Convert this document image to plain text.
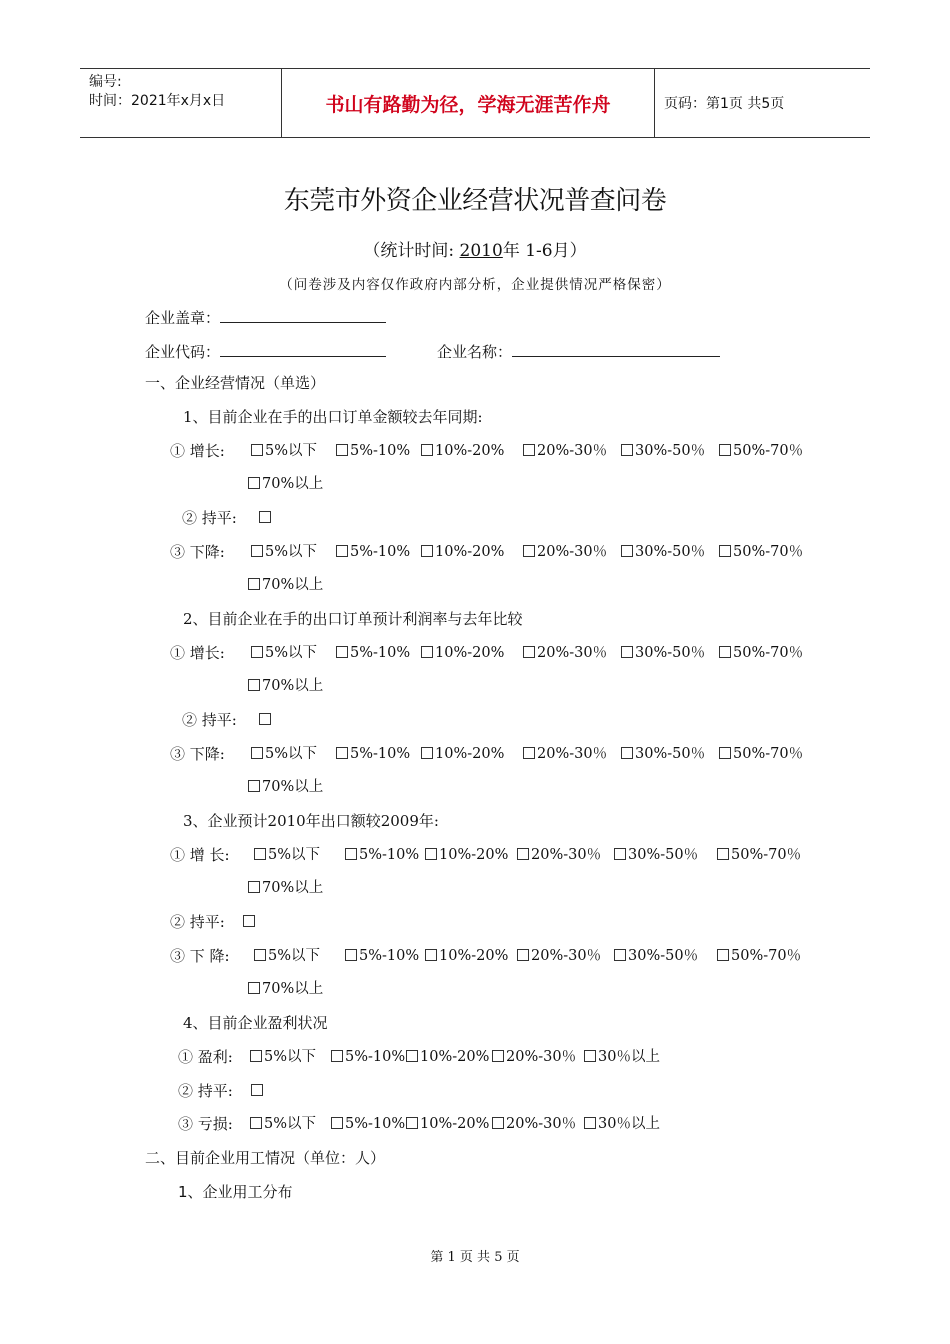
编号:
时间：2021年x月x日	书山有路勤为径，学海无涯苦作舟	页码：第1页 共5页
东莞市外资企业经营状况普查问卷
（统计时间: 2010年 1-6月）
（问卷涉及内容仅作政府内部分析，企业提供情况严格保密）
企业盖章：
企业代码：	企业名称：
一、企业经营情况（单选）
1、目前企业在手的出口订单金额较去年同期:
① 增长:	5%以下	5%-10%	10%-20%	20%-30％	30%-50％	50%-70％
70%以上
② 持平:
③ 下降:	5%以下	5%-10%	10%-20%	20%-30％	30%-50％	50%-70％
70%以上
2、目前企业在手的出口订单预计利润率与去年比较
① 增长:	5%以下	5%-10%	10%-20%	20%-30％	30%-50％	50%-70％
70%以上
② 持平:
③ 下降:	5%以下	5%-10%	10%-20%	20%-30％	30%-50％	50%-70％
70%以上
3、企业预计2010年出口额较2009年:
① 增 长:	5%以下	5%-10%	10%-20%	20%-30％	30%-50％	50%-70％
70%以上
② 持平:
③ 下 降:	5%以下	5%-10%	10%-20%	20%-30％	30%-50％	50%-70％
70%以上
4、目前企业盈利状况
① 盈利:	5%以下	5%-10%	10%-20%	20%-30％	30％以上
② 持平:
③ 亏损:	5%以下	5%-10%	10%-20%	20%-30％	30％以上
二、目前企业用工情况（单位：人）
1、企业用工分布
第 1 页 共 5 页
